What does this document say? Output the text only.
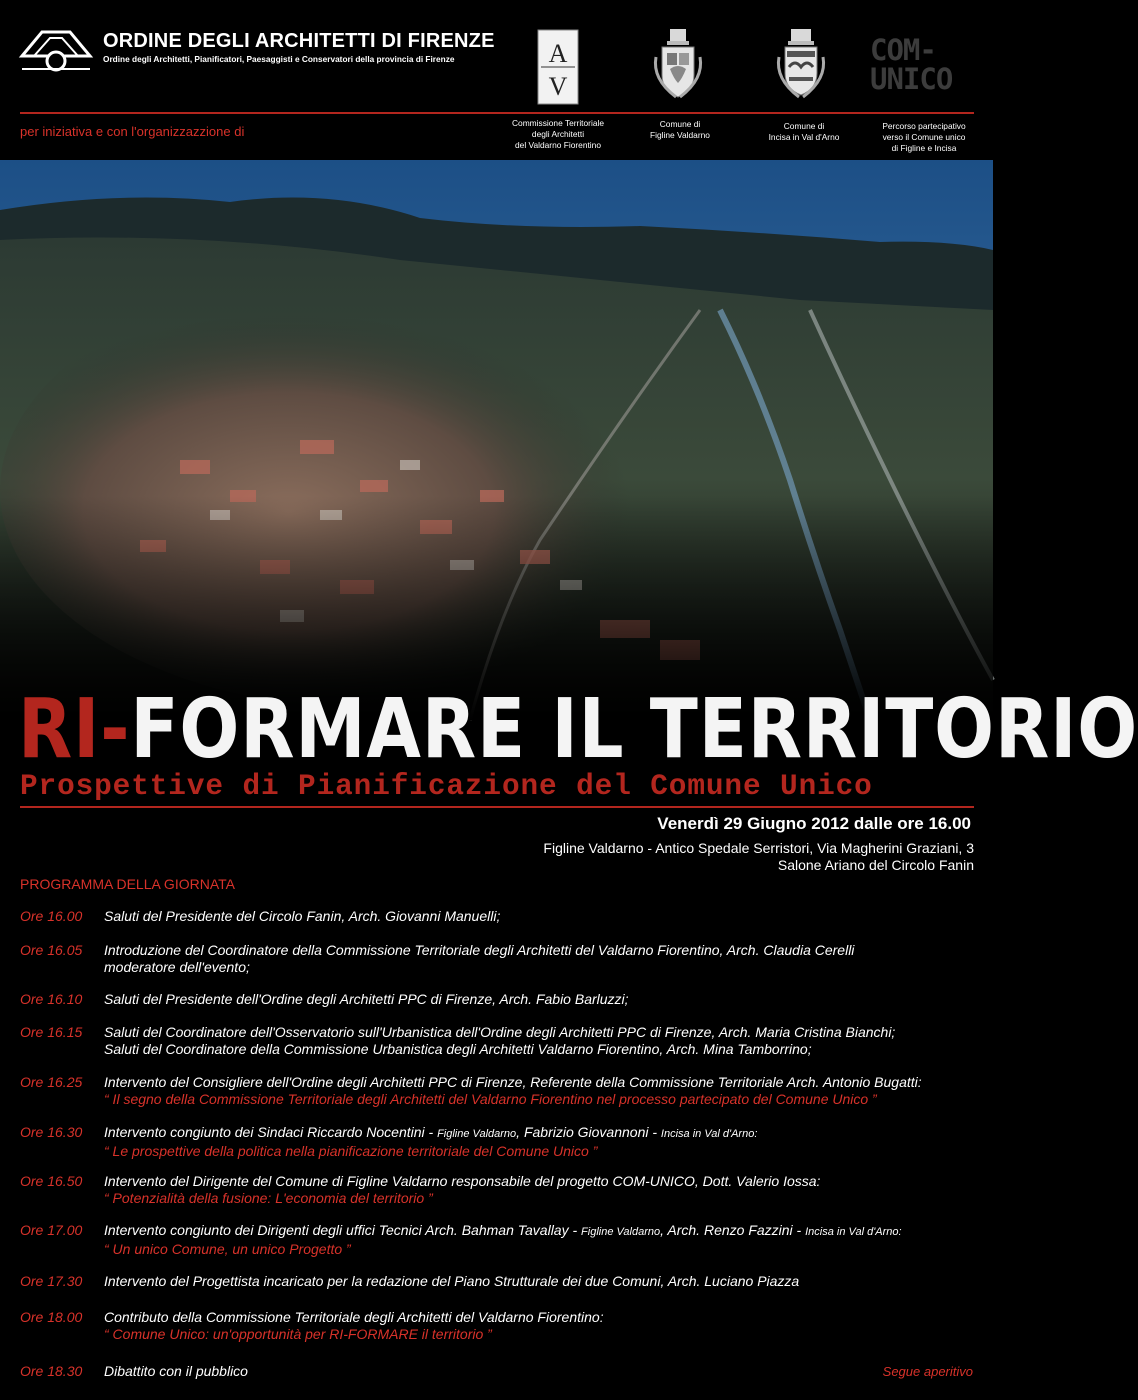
ORDINE DEGLI ARCHITETTI DI FIRENZE
Ordine degli Architetti, Pianificatori, Paesaggisti e Conservatori della provincia di Firenze	A
V
COM-
UNICO
per iniziativa e con l'organizzazzione di
Commissione Territoriale
degli Architetti
del Valdarno Fiorentino
Comune di
Figline Valdarno
Comune di
Incisa in Val d'Arno
Percorso partecipativo
verso il Comune unico
di Figline e Incisa
RI-FORMARE IL TERRITORIO
Prospettive di Pianificazione del Comune Unico
Venerdì 29 Giugno 2012 dalle ore 16.00
Figline Valdarno - Antico Spedale Serristori, Via Magherini Graziani, 3
Salone Ariano del Circolo Fanin
PROGRAMMA DELLA GIORNATA
Ore 16.00 Saluti del Presidente del Circolo Fanin, Arch. Giovanni Manuelli;
Ore 16.05 Introduzione del Coordinatore della Commissione Territoriale degli Architetti del Valdarno Fiorentino, Arch. Claudia Cerelli
moderatore dell'evento;
Ore 16.10 Saluti del Presidente dell'Ordine degli Architetti PPC di Firenze, Arch. Fabio Barluzzi;
Ore 16.15 Saluti del Coordinatore dell'Osservatorio sull'Urbanistica dell'Ordine degli Architetti PPC di Firenze, Arch. Maria Cristina Bianchi;
Saluti del Coordinatore della Commissione Urbanistica degli Architetti Valdarno Fiorentino, Arch. Mina Tamborrino;
Ore 16.25 Intervento del Consigliere dell'Ordine degli Architetti PPC di Firenze, Referente della Commissione Territoriale Arch. Antonio Bugatti:
“ Il segno della Commissione Territoriale degli Architetti del Valdarno Fiorentino nel processo partecipato del Comune Unico ”
Ore 16.30 Intervento congiunto dei Sindaci Riccardo Nocentini - Figline Valdarno, Fabrizio Giovannoni - Incisa in Val d'Arno:
“ Le prospettive della politica nella pianificazione territoriale del Comune Unico ”
Ore 16.50 Intervento del Dirigente del Comune di Figline Valdarno responsabile del progetto COM-UNICO, Dott. Valerio Iossa:
“ Potenzialità della fusione: L'economia del territorio ”
Ore 17.00 Intervento congiunto dei Dirigenti degli uffici Tecnici Arch. Bahman Tavallay - Figline Valdarno, Arch. Renzo Fazzini - Incisa in Val d'Arno:
“ Un unico Comune, un unico Progetto ”
Ore 17.30 Intervento del Progettista incaricato per la redazione del Piano Strutturale dei due Comuni, Arch. Luciano Piazza
Ore 18.00 Contributo della Commissione Territoriale degli Architetti del Valdarno Fiorentino:
“ Comune Unico: un'opportunità per RI-FORMARE il territorio ”
Ore 18.30 Dibattito con il pubblico	Segue aperitivo
